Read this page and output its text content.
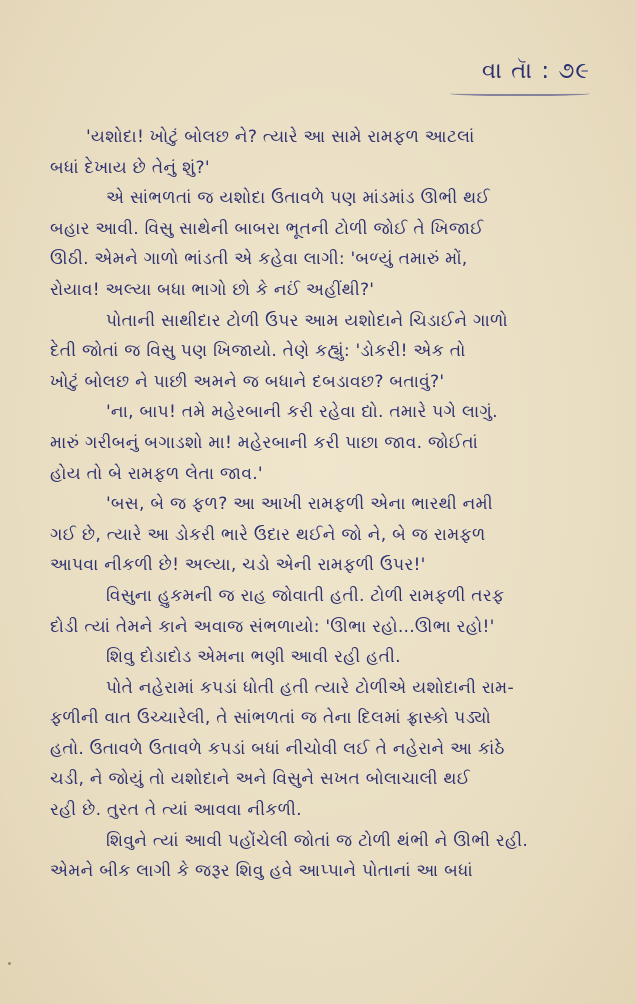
વા તાૅ : ૭૯
'યશોદા! ખોટું બોલછ ને? ત્યારે આ સામે રામફળ આટલાં
બધાં દેખાય છે તેનું શું?'
એ સાંભળતાં જ યશોદા ઉતાવળે પણ માંડમાંડ ઊભી થઈ
બહાર આવી. વિસુ સાથેની બાબરા ભૂતની ટોળી જોઈ તે ખિજાઈ
ઊઠી. એમને ગાળો ભાંડતી એ કહેવા લાગી: 'બળ્યું તમારું મોં,
રોયાવ! અલ્યા બધા ભાગો છો કે નઈં અહીંથી?'
પોતાની સાથીદાર ટોળી ઉપર આમ યશોદાને ચિડાઈને ગાળો
દેતી જોતાં જ વિસુ પણ ખિજાયો. તેણે કહ્યું: 'ડોકરી! એક તો
ખોટું બોલછ ને પાછી અમને જ બધાને દબડાવછ? બતાવું?'
'ના, બાપ! તમે મહેરબાની કરી રહેવા દ્યો. તમારે પગે લાગું.
મારું ગરીબનું બગાડશો મા! મહેરબાની કરી પાછા જાવ. જોઈતાં
હોય તો બે રામફળ લેતા જાવ.'
'બસ, બે જ ફળ? આ આખી રામફળી એના ભારથી નમી
ગઈ છે, ત્યારે આ ડોકરી ભારે ઉદાર થઈને જો ને, બે જ રામફળ
આપવા નીકળી છે! અલ્યા, ચડો એની રામફળી ઉપર!'
વિસુના હુકમની જ રાહ જોવાતી હતી. ટોળી રામફળી તરફ
દોડી ત્યાં તેમને કાને અવાજ સંભળાયો: 'ઊભા રહો...ઊભા રહો!'
શિવુ દોડાદોડ એમના ભણી આવી રહી હતી.
પોતે નહેરામાં કપડાં ધોતી હતી ત્યારે ટોળીએ યશોદાની રામ-
ફળીની વાત ઉચ્ચારેલી, તે સાંભળતાં જ તેના દિલમાં ફ્રાસ્કો પડ્યો
હતો. ઉતાવળે ઉતાવળે કપડાં બધાં નીચોવી લઈ તે નહેરાને આ કાંઠે
ચડી, ને જોયું તો યશોદાને અને વિસુને સખત બોલાચાલી થઈ
રહી છે. તુરત તે ત્યાં આવવા નીકળી.
શિવુને ત્યાં આવી પહોંચેલી જોતાં જ ટોળી થંભી ને ઊભી રહી.
એમને બીક લાગી કે જરૂર શિવુ હવે આપ્પાને પોતાનાં આ બધાં
